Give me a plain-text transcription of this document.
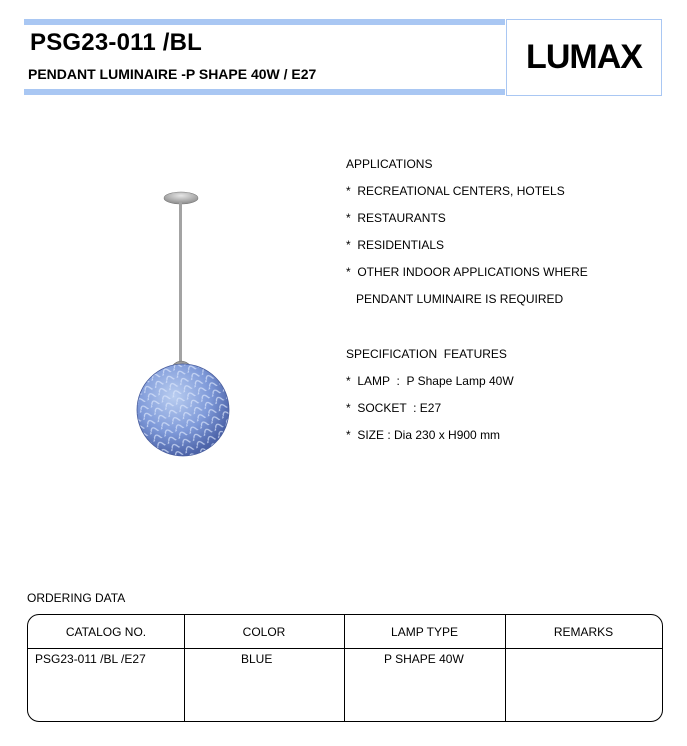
PSG23-011 /BL
PENDANT LUMINAIRE -P SHAPE 40W / E27	LUMAX
APPLICATIONS
*  RECREATIONAL CENTERS, HOTELS
*  RESTAURANTS
*  RESIDENTIALS
*  OTHER INDOOR APPLICATIONS WHERE
PENDANT LUMINAIRE IS REQUIRED
SPECIFICATION  FEATURES
*  LAMP  :  P Shape Lamp 40W
*  SOCKET  : E27
*  SIZE : Dia 230 x H900 mm
ORDERING DATA
CATALOG NO.	COLOR	LAMP TYPE	REMARKS
PSG23-011 /BL /E27	BLUE	P SHAPE 40W
